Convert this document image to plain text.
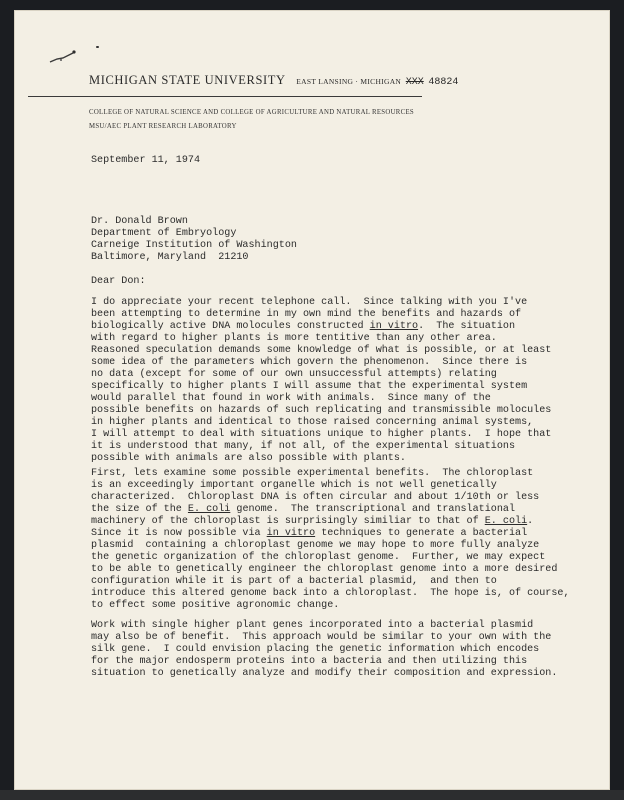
MICHIGAN STATE UNIVERSITY EAST LANSING · MICHIGAN XXX 48824
COLLEGE OF NATURAL SCIENCE AND COLLEGE OF AGRICULTURE AND NATURAL RESOURCES
MSU/AEC PLANT RESEARCH LABORATORY
September 11, 1974
Dr. Donald Brown
Department of Embryology
Carneige Institution of Washington
Baltimore, Maryland  21210
Dear Don:
I do appreciate your recent telephone call.  Since talking with you I've
been attempting to determine in my own mind the benefits and hazards of
biologically active DNA molocules constructed in vitro.  The situation
with regard to higher plants is more tentitive than any other area.
Reasoned speculation demands some knowledge of what is possible, or at least
some idea of the parameters which govern the phenomenon.  Since there is
no data (except for some of our own unsuccessful attempts) relating
specifically to higher plants I will assume that the experimental system
would parallel that found in work with animals.  Since many of the
possible benefits on hazards of such replicating and transmissible molocules
in higher plants and identical to those raised concerning animal systems,
I will attempt to deal with situations unique to higher plants.  I hope that
it is understood that many, if not all, of the experimental situations
possible with animals are also possible with plants.
First, lets examine some possible experimental benefits.  The chloroplast
is an exceedingly important organelle which is not well genetically
characterized.  Chloroplast DNA is often circular and about 1/10th or less
the size of the E. coli genome.  The transcriptional and translational
machinery of the chloroplast is surprisingly similiar to that of E. coli.
Since it is now possible via in vitro techniques to generate a bacterial
plasmid  containing a chloroplast genome we may hope to more fully analyze
the genetic organization of the chloroplast genome.  Further, we may expect
to be able to genetically engineer the chloroplast genome into a more desired
configuration while it is part of a bacterial plasmid,  and then to
introduce this altered genome back into a chloroplast.  The hope is, of course,
to effect some positive agronomic change.
Work with single higher plant genes incorporated into a bacterial plasmid
may also be of benefit.  This approach would be similar to your own with the
silk gene.  I could envision placing the genetic information which encodes
for the major endosperm proteins into a bacteria and then utilizing this
situation to genetically analyze and modify their composition and expression.
